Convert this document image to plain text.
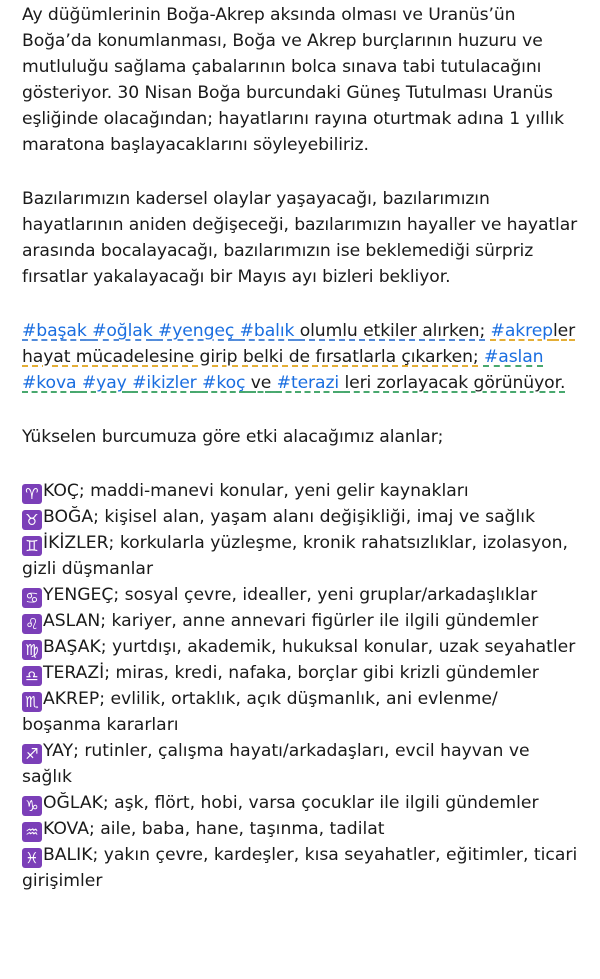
Ay düğümlerinin Boğa-Akrep aksında olması ve Uranüs’ün Boğa’da konumlanması, Boğa ve Akrep burçlarının huzuru ve mutluluğu sağlama çabalarının bolca sınava tabi tutulacağını gösteriyor. 30 Nisan Boğa burcundaki Güneş Tutulması Uranüs eşliğinde olacağından; hayatlarını rayına oturtmak adına 1 yıllık maratona başlayacaklarını söyleyebiliriz.

Bazılarımızın kadersel olaylar yaşayacağı, bazılarımızın hayatlarının aniden değişeceği, bazılarımızın hayaller ve hayatlar arasında bocalayacağı, bazılarımızın ise beklemediği sürpriz fırsatlar yakalayacağı bir Mayıs ayı bizleri bekliyor.

#başak #oğlak #yengeç #balık olumlu etkiler alırken; #akrepler hayat mücadelesine girip belki de fırsatlarla çıkarken; #aslan #kova #yay #ikizler #koç ve #terazi leri zorlayacak görünüyor.

Yükselen burcumuza göre etki alacağımız alanlar;

♈ KOÇ; maddi-manevi konular, yeni gelir kaynakları
♉ BOĞA; kişisel alan, yaşam alanı değişikliği, imaj ve sağlık
♊ İKİZLER; korkularla yüzleşme, kronik rahatsızlıklar, izolasyon, gizli düşmanlar
♋ YENGEÇ; sosyal çevre, idealler, yeni gruplar/arkadaşlıklar
♌ ASLAN; kariyer, anne annevari figürler ile ilgili gündemler
♍ BAŞAK; yurtdışı, akademik, hukuksal konular, uzak seyahatler
♎ TERAZİ; miras, kredi, nafaka, borçlar gibi krizli gündemler
♏ AKREP; evlilik, ortaklık, açık düşmanlık, ani evlenme/ boşanma kararları
♐ YAY; rutinler, çalışma hayatı/arkadaşları, evcil hayvan ve sağlık
♑ OĞLAK; aşk, flört, hobi, varsa çocuklar ile ilgili gündemler
♒ KOVA; aile, baba, hane, taşınma, tadilat
♓ BALIK; yakın çevre, kardeşler, kısa seyahatler, eğitimler, ticari girişimler
